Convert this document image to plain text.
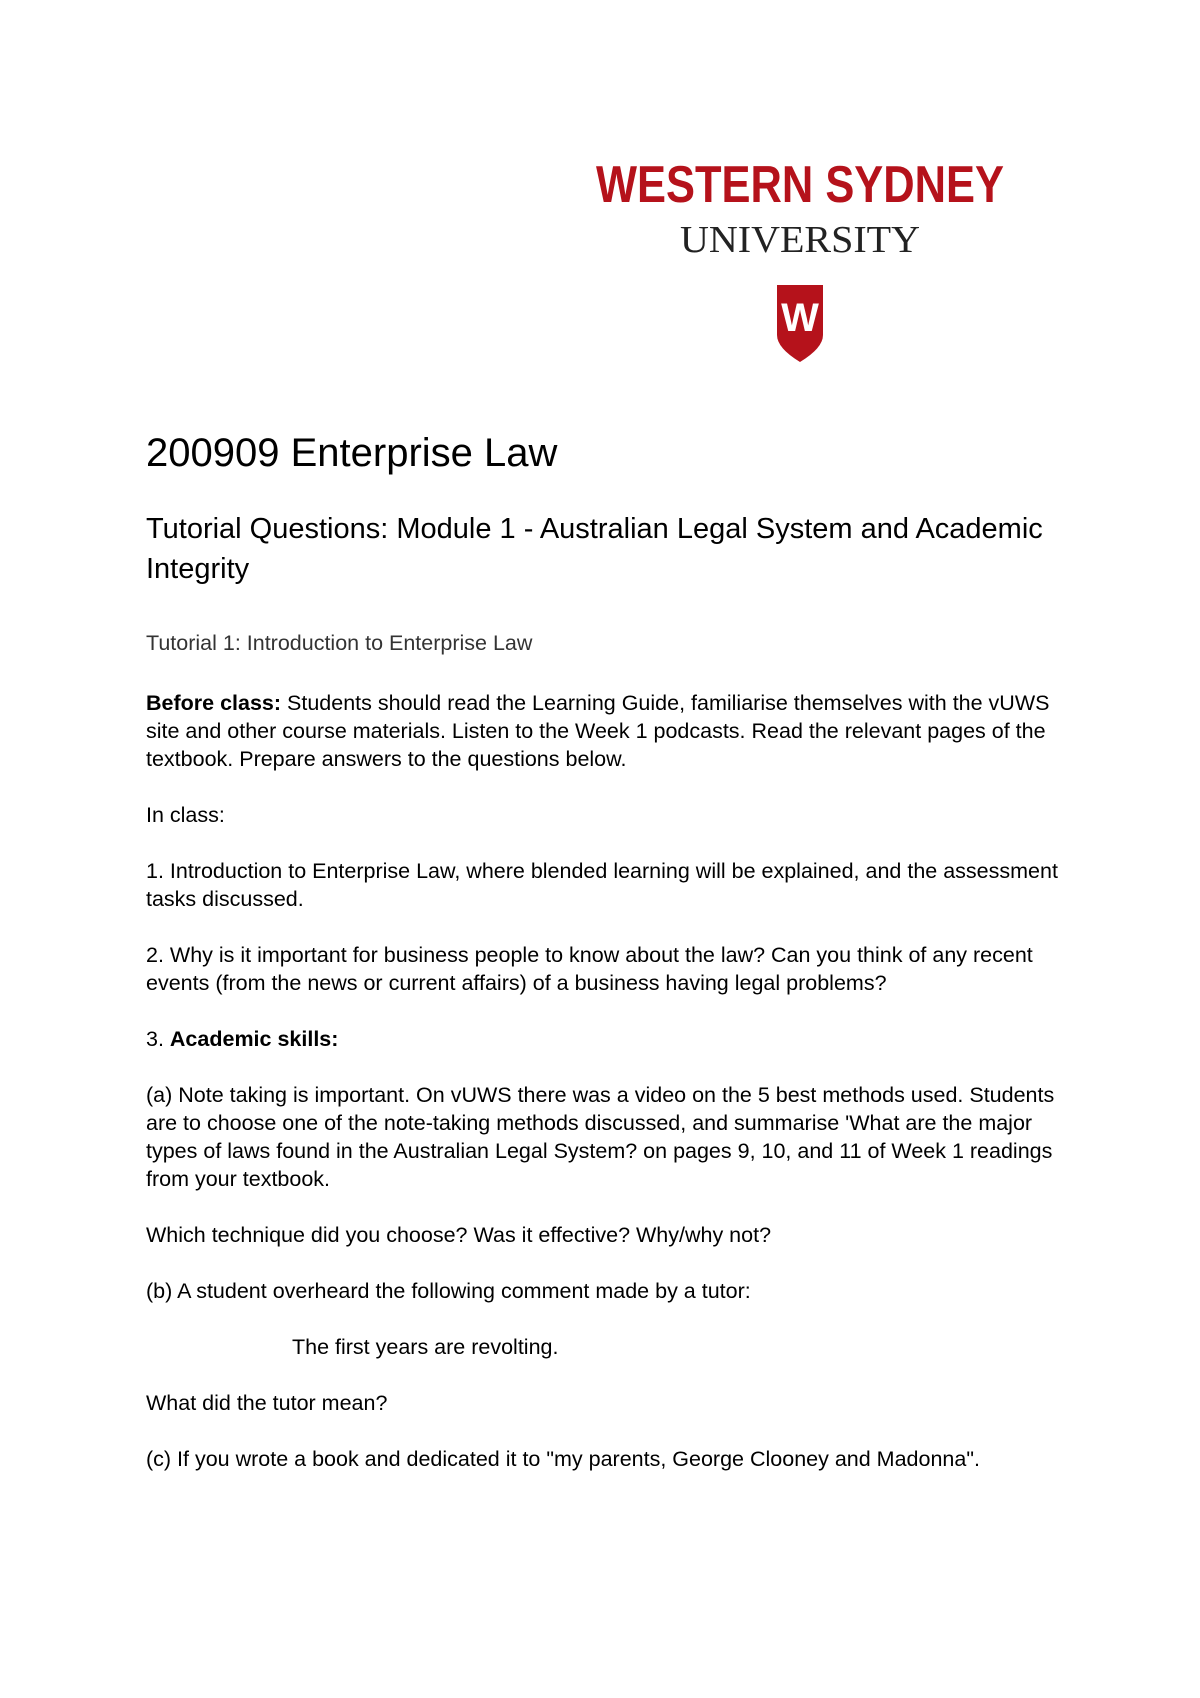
WESTERN SYDNEY
UNIVERSITY
W
200909 Enterprise Law
Tutorial Questions: Module 1 - Australian Legal System and Academic Integrity

Tutorial 1: Introduction to Enterprise Law

Before class: Students should read the Learning Guide, familiarise themselves with the vUWS site and other course materials. Listen to the Week 1 podcasts. Read the relevant pages of the textbook. Prepare answers to the questions below.

In class:

1. Introduction to Enterprise Law, where blended learning will be explained, and the assessment tasks discussed.

2. Why is it important for business people to know about the law? Can you think of any recent events (from the news or current affairs) of a business having legal problems?

3. Academic skills:

(a) Note taking is important. On vUWS there was a video on the 5 best methods used. Students are to choose one of the note-taking methods discussed, and summarise 'What are the major types of laws found in the Australian Legal System? on pages 9, 10, and 11 of Week 1 readings from your textbook.

Which technique did you choose? Was it effective? Why/why not?

(b) A student overheard the following comment made by a tutor:

The first years are revolting.

What did the tutor mean?

(c) If you wrote a book and dedicated it to "my parents, George Clooney and Madonna".
